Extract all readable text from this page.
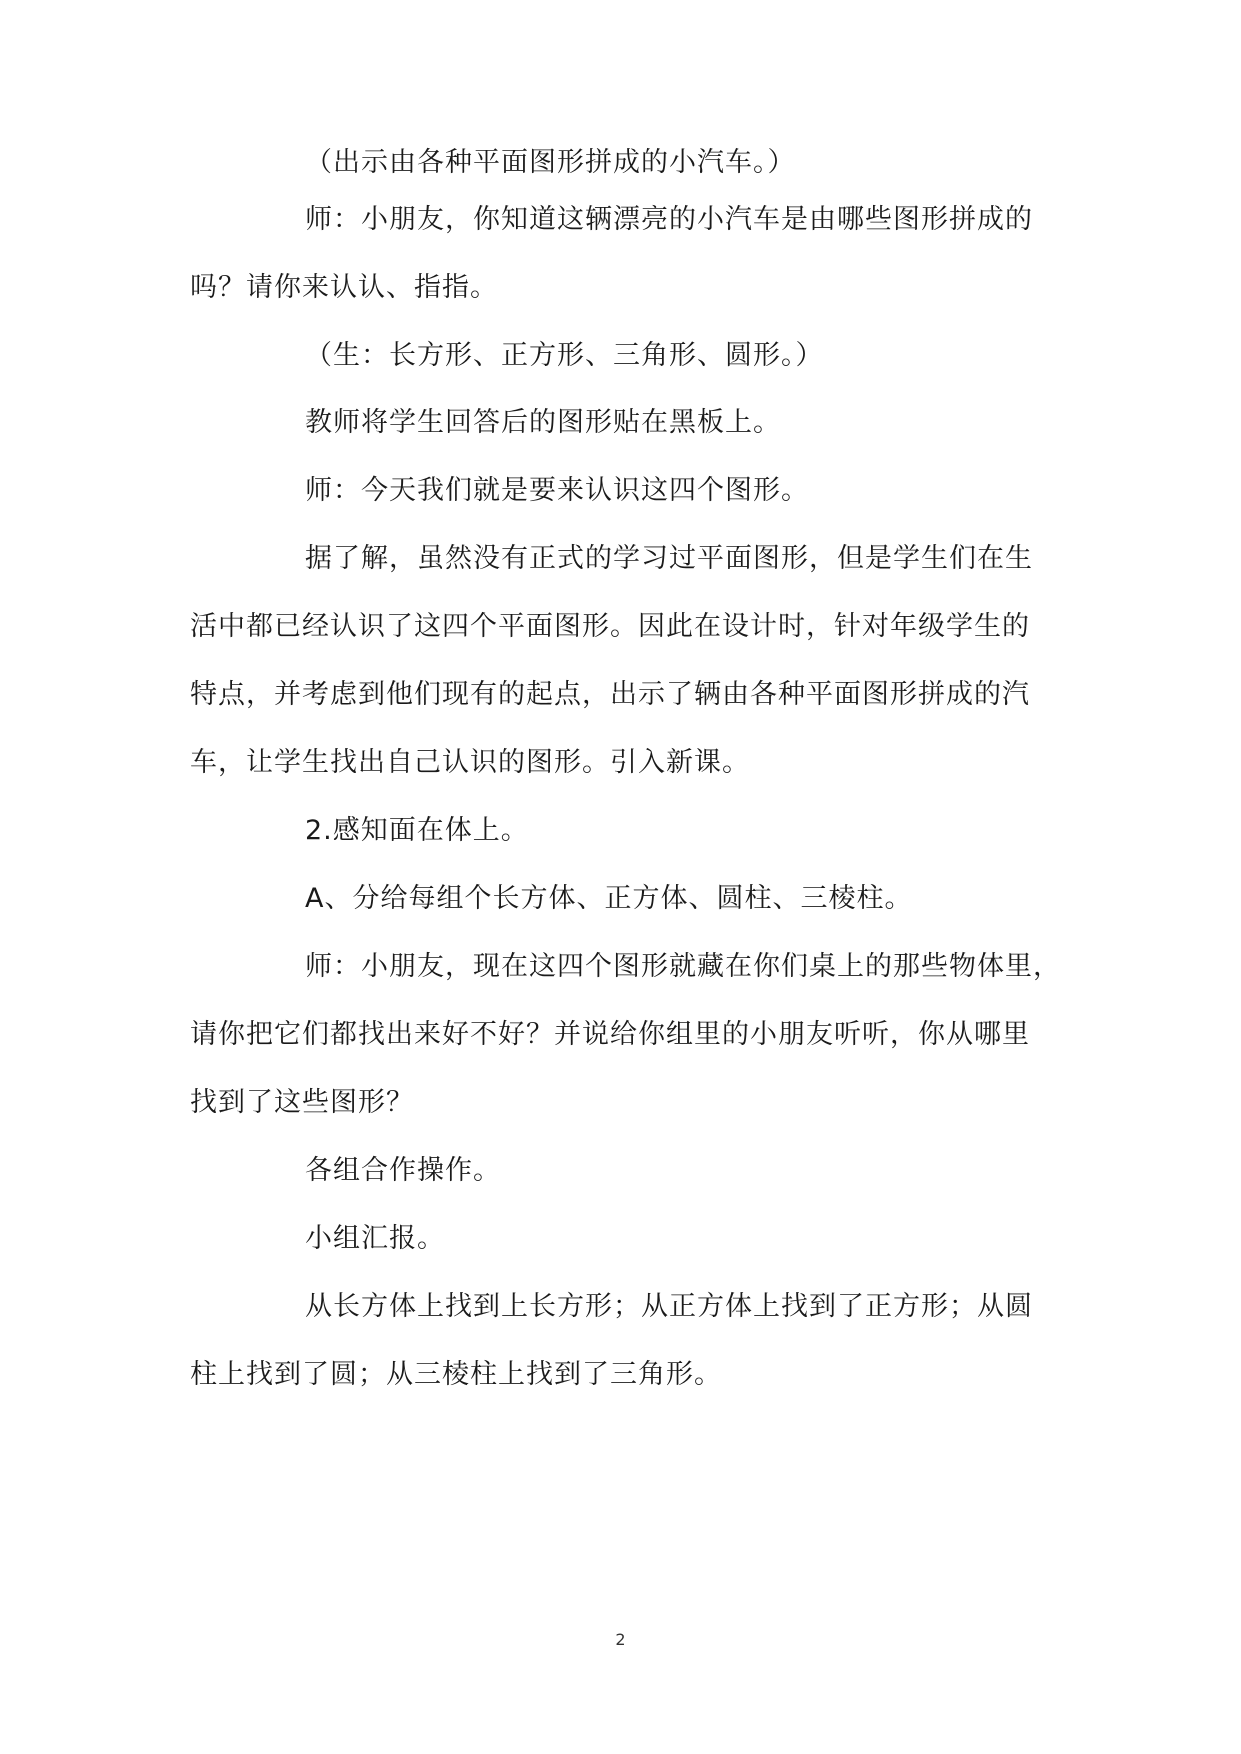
（出示由各种平面图形拼成的小汽车。）
师：小朋友，你知道这辆漂亮的小汽车是由哪些图形拼成的
吗？请你来认认、指指。
（生：长方形、正方形、三角形、圆形。）
教师将学生回答后的图形贴在黑板上。
师：今天我们就是要来认识这四个图形。
据了解，虽然没有正式的学习过平面图形，但是学生们在生
活中都已经认识了这四个平面图形。因此在设计时，针对年级学生的
特点，并考虑到他们现有的起点，出示了辆由各种平面图形拼成的汽
车，让学生找出自己认识的图形。引入新课。
2.感知面在体上。
A、分给每组个长方体、正方体、圆柱、三棱柱。
师：小朋友，现在这四个图形就藏在你们桌上的那些物体里，
请你把它们都找出来好不好？并说给你组里的小朋友听听，你从哪里
找到了这些图形？
各组合作操作。
小组汇报。
从长方体上找到上长方形；从正方体上找到了正方形；从圆
柱上找到了圆；从三棱柱上找到了三角形。
2
